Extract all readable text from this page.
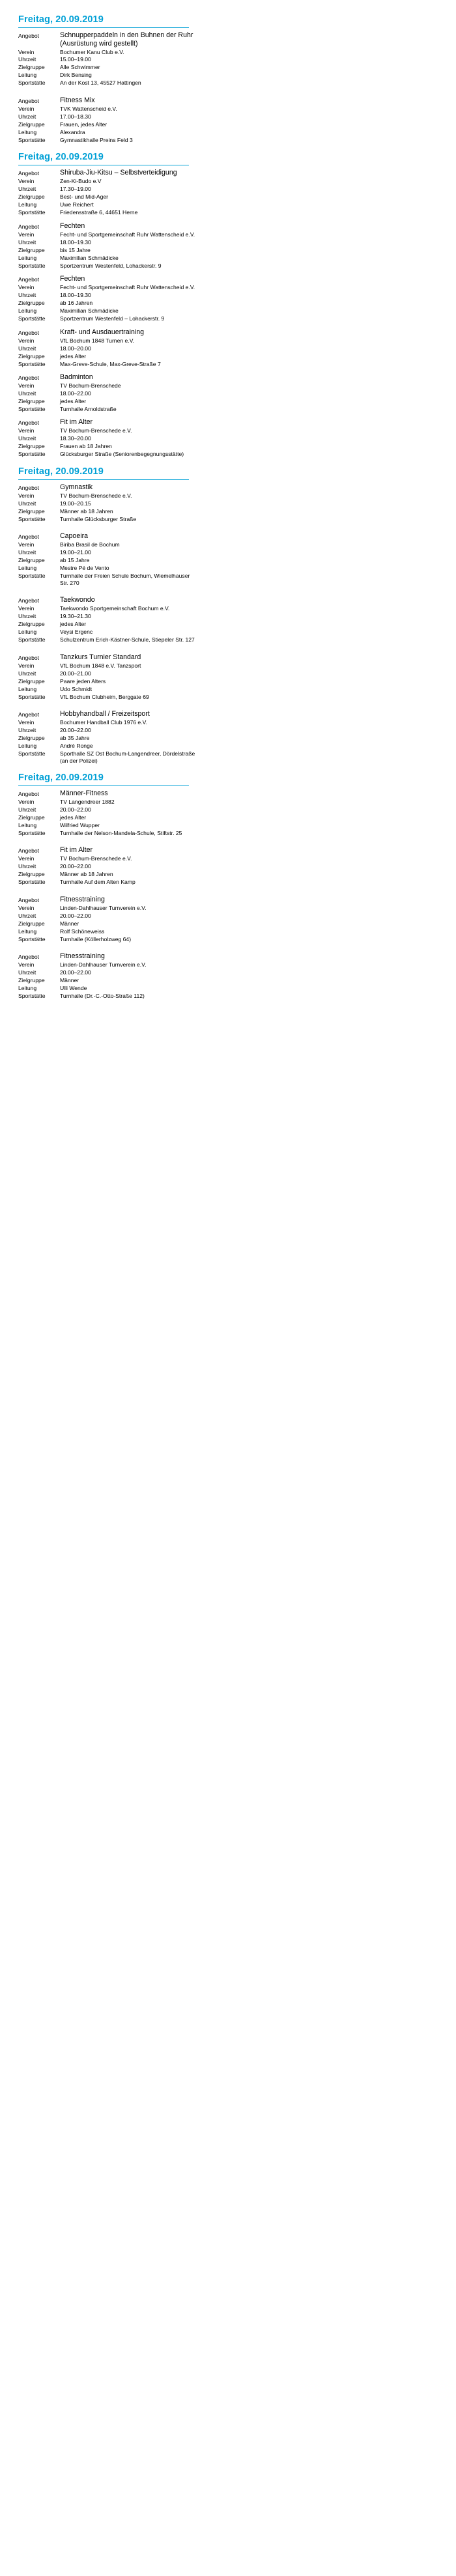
Freitag, 20.09.2019
Angebot	Schnupperpaddeln in den Buhnen der Ruhr (Ausrüstung wird gestellt)
Verein	Bochumer Kanu Club e.V.
Uhrzeit	15.00–19.00
Zielgruppe	Alle Schwimmer
Leitung	Dirk Bensing
Sportstätte	An der Kost 13, 45527 Hattingen
Angebot	Fitness Mix
Verein	TVK Wattenscheid e.V.
Uhrzeit	17.00–18.30
Zielgruppe	Frauen, jedes Alter
Leitung	Alexandra
Sportstätte	Gymnastikhalle Preins Feld 3
Freitag, 20.09.2019
Angebot	Shiruba-Jiu-Kitsu – Selbstverteidigung
Verein	Zen-Ki-Budo e.V
Uhrzeit	17.30–19.00
Zielgruppe	Best- und Mid-Ager
Leitung	Uwe Reichert
Sportstätte	Friedensstraße 6, 44651 Herne
Angebot	Fechten
Verein	Fecht- und Sportgemeinschaft Ruhr Wattenscheid e.V.
Uhrzeit	18.00–19.30
Zielgruppe	bis 15 Jahre
Leitung	Maximilian Schmädicke
Sportstätte	Sportzentrum Westenfeld, Lohackerstr. 9
Angebot	Fechten
Verein	Fecht- und Sportgemeinschaft Ruhr Wattenscheid e.V.
Uhrzeit	18.00–19.30
Zielgruppe	ab 16 Jahren
Leitung	Maximilian Schmädicke
Sportstätte	Sportzentrum Westenfeld – Lohackerstr. 9
Angebot	Kraft- und Ausdauertraining
Verein	VfL Bochum 1848 Turnen e.V.
Uhrzeit	18.00–20.00
Zielgruppe	jedes Alter
Sportstätte	Max-Greve-Schule, Max-Greve-Straße 7
Angebot	Badminton
Verein	TV Bochum-Brenschede
Uhrzeit	18.00–22.00
Zielgruppe	jedes Alter
Sportstätte	Turnhalle Arnoldstraße
Angebot	Fit im Alter
Verein	TV Bochum-Brenschede e.V.
Uhrzeit	18.30–20.00
Zielgruppe	Frauen ab 18 Jahren
Sportstätte	Glücksburger Straße (Seniorenbegegnungsstätte)
Freitag, 20.09.2019
Angebot	Gymnastik
Verein	TV Bochum-Brenschede e.V.
Uhrzeit	19.00–20.15
Zielgruppe	Männer ab 18 Jahren
Sportstätte	Turnhalle Glücksburger Straße
Angebot	Capoeira
Verein	Biriba Brasil de Bochum
Uhrzeit	19.00–21.00
Zielgruppe	ab 15 Jahre
Leitung	Mestre Pé de Vento
Sportstätte	Turnhalle der Freien Schule Bochum, Wiemelhauser Str. 270
Angebot	Taekwondo
Verein	Taekwondo Sportgemeinschaft Bochum e.V.
Uhrzeit	19.30–21.30
Zielgruppe	jedes Alter
Leitung	Veysi Ergenc
Sportstätte	Schulzentrum Erich-Kästner-Schule, Stiepeler Str. 127
Angebot	Tanzkurs Turnier Standard
Verein	VfL Bochum 1848 e.V. Tanzsport
Uhrzeit	20.00–21.00
Zielgruppe	Paare jeden Alters
Leitung	Udo Schmidt
Sportstätte	VfL Bochum Clubheim, Berggate 69
Angebot	Hobbyhandball / Freizeitsport
Verein	Bochumer Handball Club 1976 e.V.
Uhrzeit	20.00–22.00
Zielgruppe	ab 35 Jahre
Leitung	André Ronge
Sportstätte	Sporthalle SZ Ost Bochum-Langendreer, Dördelstraße (an der Polizei)
Freitag, 20.09.2019
Angebot	Männer-Fitness
Verein	TV Langendreer 1882
Uhrzeit	20.00–22.00
Zielgruppe	jedes Alter
Leitung	Wilfried Wupper
Sportstätte	Turnhalle der Nelson-Mandela-Schule, Stiftstr. 25
Angebot	Fit im Alter
Verein	TV Bochum-Brenschede e.V.
Uhrzeit	20.00–22.00
Zielgruppe	Männer ab 18 Jahren
Sportstätte	Turnhalle Auf dem Alten Kamp
Angebot	Fitnesstraining
Verein	Linden-Dahlhauser Turnverein e.V.
Uhrzeit	20.00–22.00
Zielgruppe	Männer
Leitung	Rolf Schöneweiss
Sportstätte	Turnhalle (Köllerholzweg 64)
Angebot	Fitnesstraining
Verein	Linden-Dahlhauser Turnverein e.V.
Uhrzeit	20.00–22.00
Zielgruppe	Männer
Leitung	Ulli Wende
Sportstätte	Turnhalle (Dr.-C.-Otto-Straße 112)
